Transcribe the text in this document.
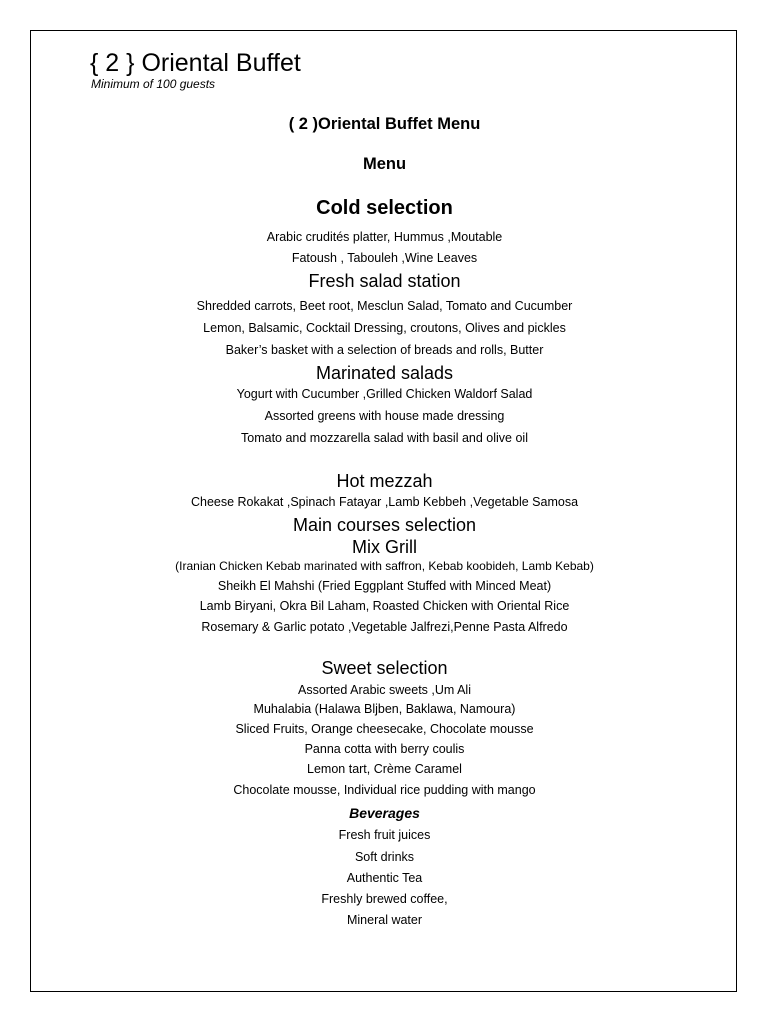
{ 2 } Oriental Buffet
Minimum of 100 guests
( 2 )Oriental Buffet Menu
Menu
Cold selection
Arabic crudités platter, Hummus ,Moutable
Fatoush , Tabouleh ,Wine Leaves
Fresh salad station
Shredded carrots, Beet root, Mesclun Salad, Tomato and Cucumber
Lemon, Balsamic, Cocktail Dressing, croutons, Olives and pickles
Baker’s basket with a selection of breads and rolls, Butter
Marinated salads
Yogurt with Cucumber ,Grilled Chicken Waldorf Salad
Assorted greens with house made dressing
Tomato and mozzarella salad with basil and olive oil
Hot mezzah
Cheese Rokakat ,Spinach Fatayar ,Lamb Kebbeh ,Vegetable Samosa
Main courses selection
Mix Grill
(Iranian Chicken Kebab marinated with saffron, Kebab koobideh, Lamb Kebab)
Sheikh El Mahshi (Fried Eggplant Stuffed with Minced Meat)
Lamb Biryani, Okra Bil Laham, Roasted Chicken with Oriental Rice
Rosemary & Garlic potato ,Vegetable Jalfrezi,Penne Pasta Alfredo
Sweet selection
Assorted Arabic sweets ,Um Ali
Muhalabia (Halawa Bljben, Baklawa, Namoura)
Sliced Fruits, Orange cheesecake, Chocolate mousse
Panna cotta with berry coulis
Lemon tart, Crème Caramel
Chocolate mousse, Individual rice pudding with mango
Beverages
Fresh fruit juices
Soft drinks
Authentic Tea
Freshly brewed coffee,
Mineral water
